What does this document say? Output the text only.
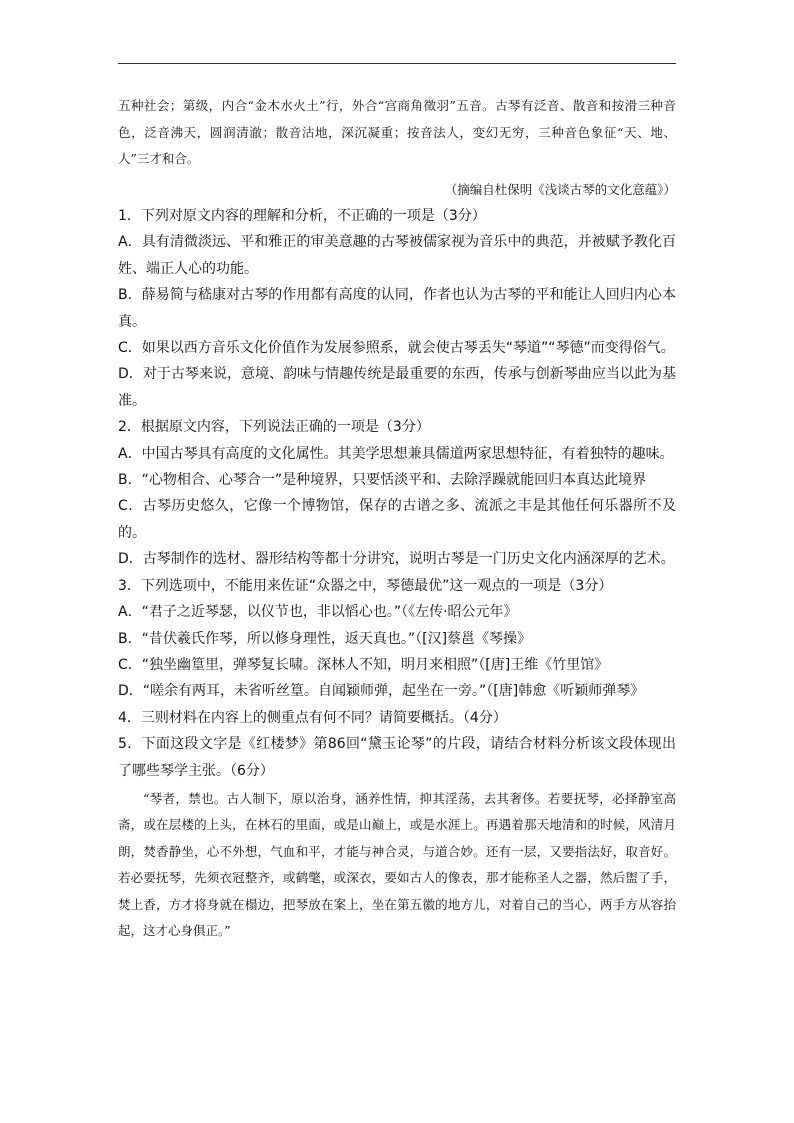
五种社会；第级，内合“金木水火土”行，外合“宫商角徵羽”五音。古琴有泛音、散音和按滑三种音色，泛音沸天，圆润清澈；散音沽地，深沉凝重；按音法人，变幻无穷，三种音色象征“天、地、人”三才和合。

（摘编自杜保明《浅谈古琴的文化意蕴》）

1．下列对原文内容的理解和分析，不正确的一项是（3分）

A．具有清微淡远、平和雅正的审美意趣的古琴被儒家视为音乐中的典范，并被赋予教化百姓、端正人心的功能。

B．薛易简与嵇康对古琴的作用都有高度的认同，作者也认为古琴的平和能让人回归内心本真。

C．如果以西方音乐文化价值作为发展参照系，就会使古琴丢失“琴道”“琴德”而变得俗气。

D．对于古琴来说，意境、韵味与情趣传统是最重要的东西，传承与创新琴曲应当以此为基准。

2．根据原文内容，下列说法正确的一项是（3分）

A．中国古琴具有高度的文化属性。其美学思想兼具儒道两家思想特征，有着独特的趣味。

B．“心物相合、心琴合一”是种境界，只要恬淡平和、去除浮躁就能回归本真达此境界

C．古琴历史悠久，它像一个博物馆，保存的古谱之多、流派之丰是其他任何乐器所不及的。

D．古琴制作的选材、器形结构等都十分讲究，说明古琴是一门历史文化内涵深厚的艺术。

3．下列选项中，不能用来佐证“众器之中，琴德最优”这一观点的一项是（3分）

A．“君子之近琴瑟，以仪节也，非以慆心也。”（《左传·昭公元年》

B．“昔伏羲氏作琴，所以修身理性，返天真也。”（[汉]蔡邕《琴操》

C．“独坐幽篁里，弹琴复长啸。深林人不知，明月来相照”（[唐]王维《竹里馆》

D．“嗟余有两耳，未省听丝篁。自闻颖师弹，起坐在一旁。”（[唐]韩愈《听颖师弹琴》

4．三则材料在内容上的侧重点有何不同？请简要概括。（4分）

5．下面这段文字是《红楼梦》第86回“黛玉论琴”的片段，请结合材料分析该文段体现出了哪些琴学主张。（6分）

“琴者，禁也。古人制下，原以治身，涵养性情，抑其淫荡，去其奢侈。若要抚琴，必择静室高斋，或在层楼的上头，在林石的里面，或是山巅上，或是水涯上。再遇着那天地清和的时候，风清月朗，焚香静坐，心不外想，气血和平，才能与神合灵，与道合妙。还有一层，又要指法好，取音好。若必要抚琴，先须衣冠整齐，或鹤氅，或深衣，要如古人的像表，那才能称圣人之器，然后盥了手，焚上香，方才将身就在榻边，把琴放在案上，坐在第五徽的地方儿，对着自己的当心，两手方从容抬起，这才心身俱正。”
